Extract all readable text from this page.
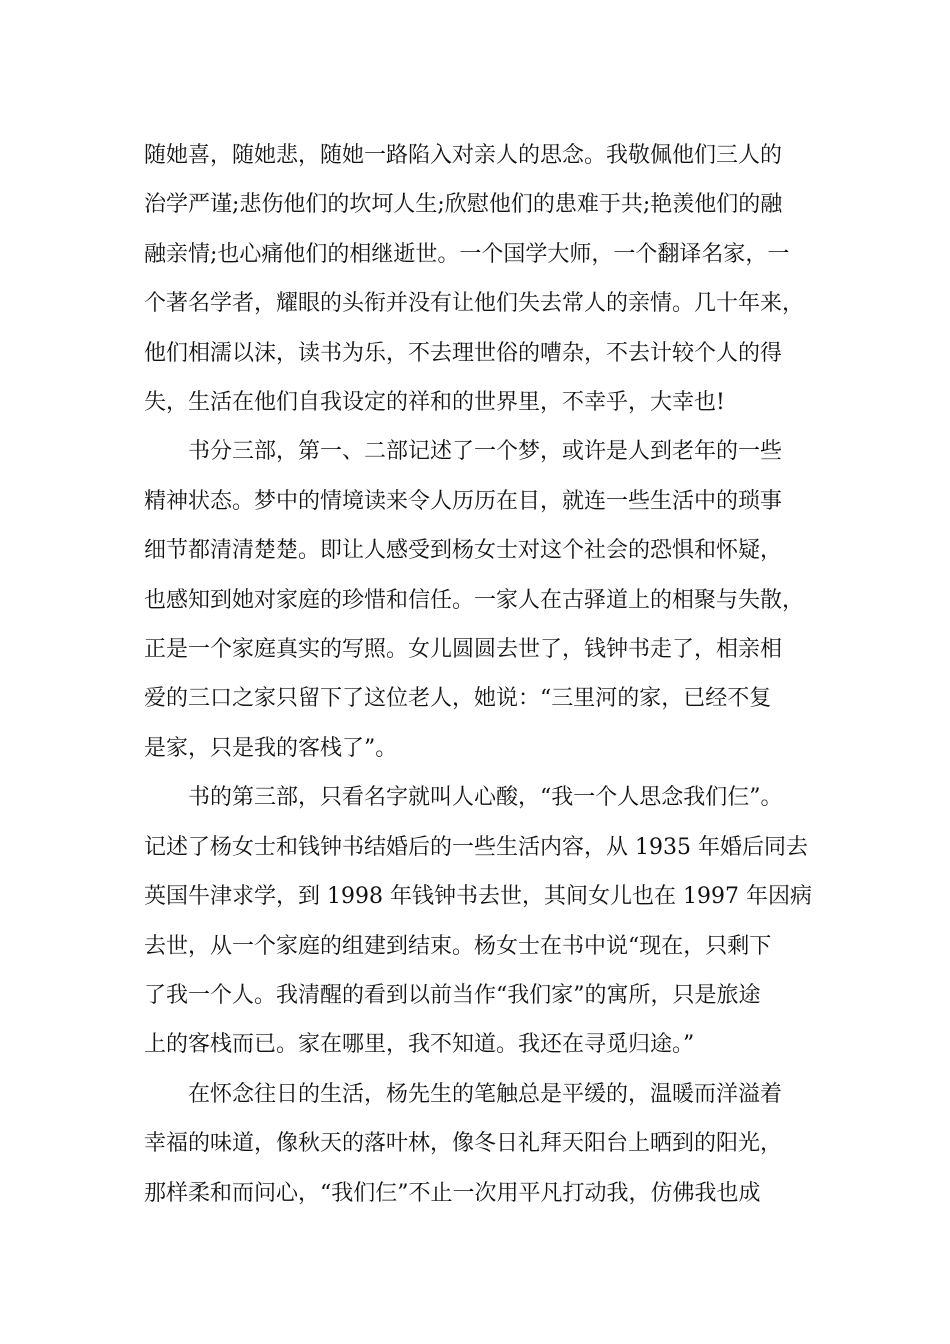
随她喜，随她悲，随她一路陷入对亲人的思念。我敬佩他们三人的
治学严谨;悲伤他们的坎坷人生;欣慰他们的患难于共;艳羡他们的融
融亲情;也心痛他们的相继逝世。一个国学大师，一个翻译名家，一
个著名学者，耀眼的头衔并没有让他们失去常人的亲情。几十年来，
他们相濡以沫，读书为乐，不去理世俗的嘈杂，不去计较个人的得
失，生活在他们自我设定的祥和的世界里，不幸乎，大幸也!
书分三部，第一、二部记述了一个梦，或许是人到老年的一些
精神状态。梦中的情境读来令人历历在目，就连一些生活中的琐事
细节都清清楚楚。即让人感受到杨女士对这个社会的恐惧和怀疑，
也感知到她对家庭的珍惜和信任。一家人在古驿道上的相聚与失散，
正是一个家庭真实的写照。女儿圆圆去世了，钱钟书走了，相亲相
爱的三口之家只留下了这位老人，她说：“三里河的家，已经不复
是家，只是我的客栈了”。
书的第三部，只看名字就叫人心酸，“我一个人思念我们仨”。
记述了杨女士和钱钟书结婚后的一些生活内容，从 1935 年婚后同去
英国牛津求学，到 1998 年钱钟书去世，其间女儿也在 1997 年因病
去世，从一个家庭的组建到结束。杨女士在书中说“现在，只剩下
了我一个人。我清醒的看到以前当作“我们家”的寓所，只是旅途
上的客栈而已。家在哪里，我不知道。我还在寻觅归途。”
在怀念往日的生活，杨先生的笔触总是平缓的，温暖而洋溢着
幸福的味道，像秋天的落叶林，像冬日礼拜天阳台上晒到的阳光，
那样柔和而问心，“我们仨”不止一次用平凡打动我，仿佛我也成
